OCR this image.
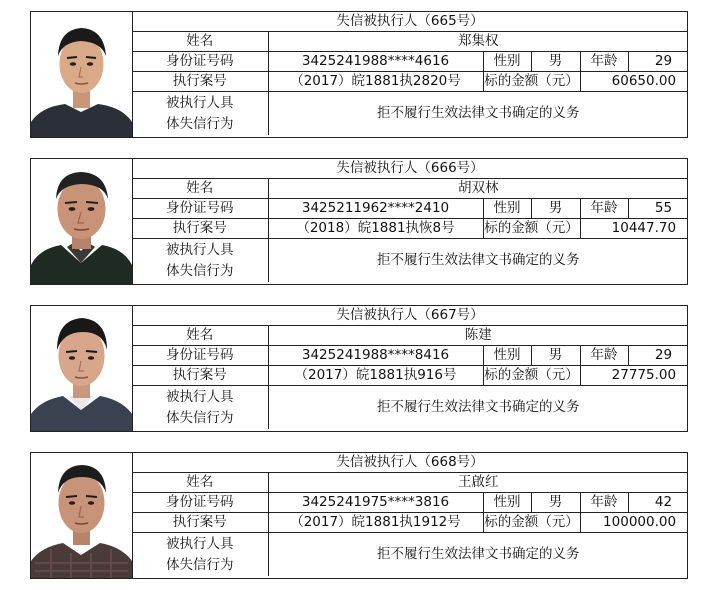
失信被执行人（665号）					
姓名	郑集权				
身份证号码	3425241988****4616	性别	男	年龄	29
执行案号	（2017）皖1881执2820号	标的金额（元）		60650.00	
被执行人具
体失信行为	拒不履行生效法律文书确定的义务				
失信被执行人（666号）					
姓名	胡双林				
身份证号码	3425211962****2410	性别	男	年龄	55
执行案号	（2018）皖1881执恢8号	标的金额（元）		10447.70	
被执行人具
体失信行为	拒不履行生效法律文书确定的义务				
失信被执行人（667号）					
姓名	陈建				
身份证号码	3425241988****8416	性别	男	年龄	29
执行案号	（2017）皖1881执916号	标的金额（元）		27775.00	
被执行人具
体失信行为	拒不履行生效法律文书确定的义务				
失信被执行人（668号）					
姓名	王啟红				
身份证号码	3425241975****3816	性别	男	年龄	42
执行案号	（2017）皖1881执1912号	标的金额（元）		100000.00	
被执行人具
体失信行为	拒不履行生效法律文书确定的义务				
